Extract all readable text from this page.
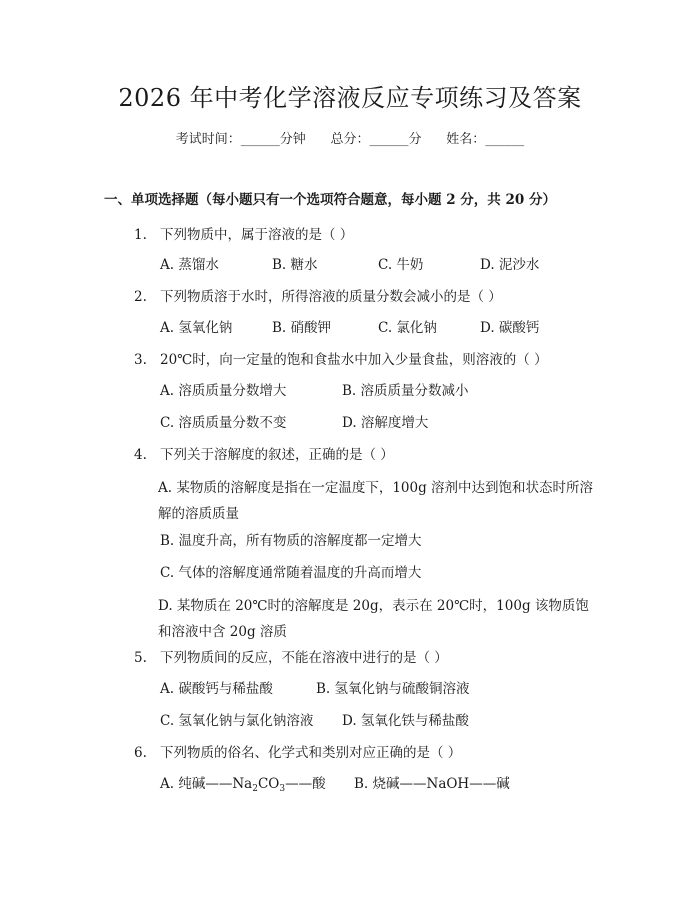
2026 年中考化学溶液反应专项练习及答案
考试时间：______分钟      总分：______分      姓名：______
一、单项选择题（每小题只有一个选项符合题意，每小题 2 分，共 20 分）
1. 下列物质中，属于溶液的是（ ）
A. 蒸馏水	B. 糖水	C. 牛奶	D. 泥沙水
2. 下列物质溶于水时，所得溶液的质量分数会减小的是（ ）
A. 氢氧化钠	B. 硝酸钾	C. 氯化钠	D. 碳酸钙
3. 20℃时，向一定量的饱和食盐水中加入少量食盐，则溶液的（ ）
A. 溶质质量分数增大	B. 溶质质量分数减小
C. 溶质质量分数不变	D. 溶解度增大
4. 下列关于溶解度的叙述，正确的是（ ）
A. 某物质的溶解度是指在一定温度下，100g 溶剂中达到饱和状态时所溶解的溶质质量
B. 温度升高，所有物质的溶解度都一定增大
C. 气体的溶解度通常随着温度的升高而增大
D. 某物质在 20℃时的溶解度是 20g，表示在 20℃时，100g 该物质饱和溶液中含 20g 溶质
5. 下列物质间的反应，不能在溶液中进行的是（ ）
A. 碳酸钙与稀盐酸	B. 氢氧化钠与硫酸铜溶液
C. 氢氧化钠与氯化钠溶液 D. 氢氧化铁与稀盐酸
6. 下列物质的俗名、化学式和类别对应正确的是（ ）
A. 纯碱$——Na_2CO_3——$酸 B. 烧碱——NaOH——碱
